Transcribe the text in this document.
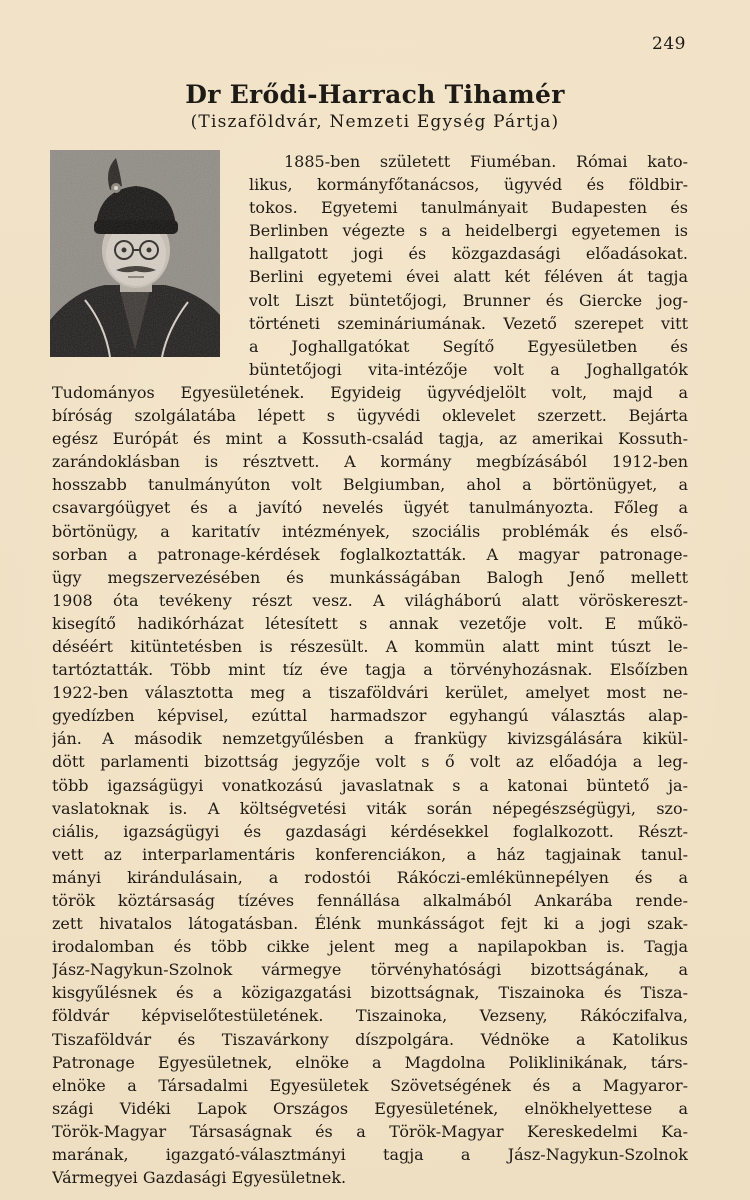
249
Dr Erődi-Harrach Tihamér
(Tiszaföldvár, Nemzeti Egység Pártja)
1885-ben született Fiuméban. Római kato-
likus, kormányfőtanácsos, ügyvéd és földbir-
tokos. Egyetemi tanulmányait Budapesten és
Berlinben végezte s a heidelbergi egyetemen is
hallgatott jogi és közgazdasági előadásokat.
Berlini egyetemi évei alatt két féléven át tagja
volt Liszt büntetőjogi, Brunner és Giercke jog-
történeti szemináriumának. Vezető szerepet vitt
a Joghallgatókat Segítő Egyesületben és
büntetőjogi vita-intézője volt a Joghallgatók
Tudományos Egyesületének. Egyideig ügyvédjelölt volt, majd a
bíróság szolgálatába lépett s ügyvédi oklevelet szerzett. Bejárta
egész Európát és mint a Kossuth-család tagja, az amerikai Kossuth-
zarándoklásban is résztvett. A kormány megbízásából 1912-ben
hosszabb tanulmányúton volt Belgiumban, ahol a börtönügyet, a
csavargóügyet és a javító nevelés ügyét tanulmányozta. Főleg a
börtönügy, a karitatív intézmények, szociális problémák és első-
sorban a patronage-kérdések foglalkoztatták. A magyar patronage-
ügy megszervezésében és munkásságában Balogh Jenő mellett
1908 óta tevékeny részt vesz. A világháború alatt vöröskereszt-
kisegítő hadikórházat létesített s annak vezetője volt. E műkö-
déséért kitüntetésben is részesült. A kommün alatt mint túszt le-
tartóztatták. Több mint tíz éve tagja a törvényhozásnak. Elsőízben
1922-ben választotta meg a tiszaföldvári kerület, amelyet most ne-
gyedízben képvisel, ezúttal harmadszor egyhangú választás alap-
ján. A második nemzetgyűlésben a frankügy kivizsgálására kikül-
dött parlamenti bizottság jegyzője volt s ő volt az előadója a leg-
több igazságügyi vonatkozású javaslatnak s a katonai büntető ja-
vaslatoknak is. A költségvetési viták során népegészségügyi, szo-
ciális, igazságügyi és gazdasági kérdésekkel foglalkozott. Részt-
vett az interparlamentáris konferenciákon, a ház tagjainak tanul-
mányi kirándulásain, a rodostói Rákóczi-emlékünnepélyen és a
török köztársaság tízéves fennállása alkalmából Ankarába rende-
zett hivatalos látogatásban. Élénk munkásságot fejt ki a jogi szak-
irodalomban és több cikke jelent meg a napilapokban is. Tagja
Jász-Nagykun-Szolnok vármegye törvényhatósági bizottságának, a
kisgyűlésnek és a közigazgatási bizottságnak, Tiszainoka és Tisza-
földvár képviselőtestületének. Tiszainoka, Vezseny, Rákóczifalva,
Tiszaföldvár és Tiszavárkony díszpolgára. Védnöke a Katolikus
Patronage Egyesületnek, elnöke a Magdolna Poliklinikának, társ-
elnöke a Társadalmi Egyesületek Szövetségének és a Magyaror-
szági Vidéki Lapok Országos Egyesületének, elnökhelyettese a
Török-Magyar Társaságnak és a Török-Magyar Kereskedelmi Ka-
marának, igazgató-választmányi tagja a Jász-Nagykun-Szolnok
Vármegyei Gazdasági Egyesületnek.
